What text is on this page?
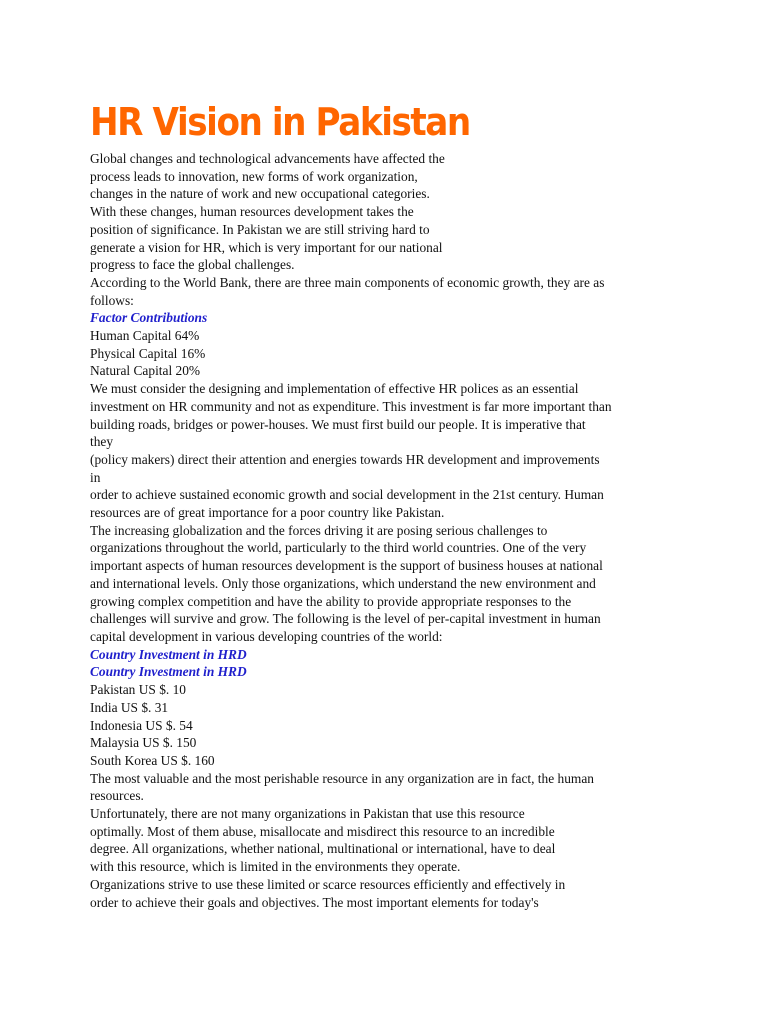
HR Vision in Pakistan
Global changes and technological advancements have affected the
process leads to innovation, new forms of work organization,
changes in the nature of work and new occupational categories.
With these changes, human resources development takes the
position of significance. In Pakistan we are still striving hard to
generate a vision for HR, which is very important for our national
progress to face the global challenges.
According to the World Bank, there are three main components of economic growth, they are as
follows:
Factor Contributions
Human Capital 64%
Physical Capital 16%
Natural Capital 20%
We must consider the designing and implementation of effective HR polices as an essential
investment on HR community and not as expenditure. This investment is far more important than
building roads, bridges or power-houses. We must first build our people. It is imperative that
they
(policy makers) direct their attention and energies towards HR development and improvements
in
order to achieve sustained economic growth and social development in the 21st century. Human
resources are of great importance for a poor country like Pakistan.
The increasing globalization and the forces driving it are posing serious challenges to
organizations throughout the world, particularly to the third world countries. One of the very
important aspects of human resources development is the support of business houses at national
and international levels. Only those organizations, which understand the new environment and
growing complex competition and have the ability to provide appropriate responses to the
challenges will survive and grow. The following is the level of per-capital investment in human
capital development in various developing countries of the world:
Country Investment in HRD
Country Investment in HRD
Pakistan US $. 10
India US $. 31
Indonesia US $. 54
Malaysia US $. 150
South Korea US $. 160
The most valuable and the most perishable resource in any organization are in fact, the human
resources.
Unfortunately, there are not many organizations in Pakistan that use this resource
optimally. Most of them abuse, misallocate and misdirect this resource to an incredible
degree. All organizations, whether national, multinational or international, have to deal
with this resource, which is limited in the environments they operate.
Organizations strive to use these limited or scarce resources efficiently and effectively in
order to achieve their goals and objectives. The most important elements for today's
